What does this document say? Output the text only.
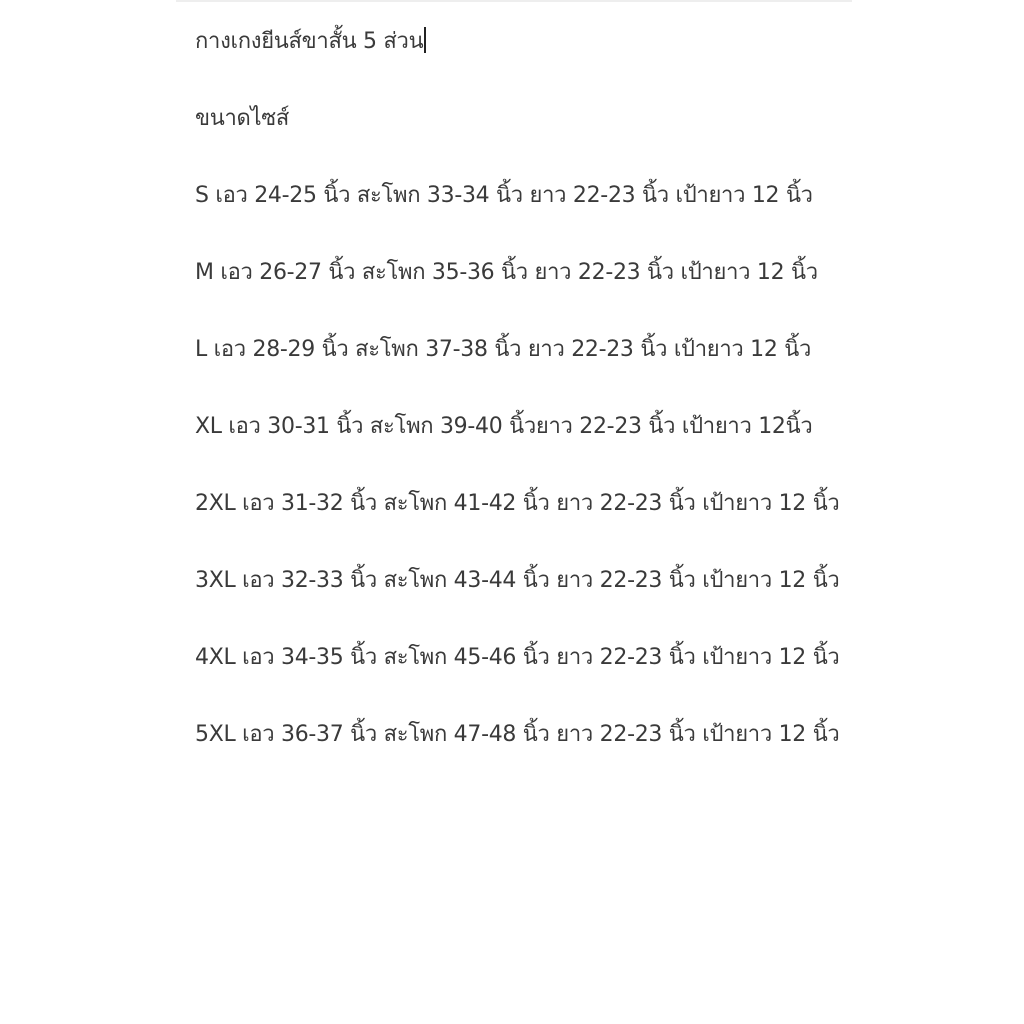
กางเกงยีนส์ขาสั้น 5 ส่วน

ขนาดไซส์

S เอว 24-25 นิ้ว สะโพก 33-34 นิ้ว ยาว 22-23 นิ้ว เป้ายาว 12 นิ้ว

M เอว 26-27 นิ้ว สะโพก 35-36 นิ้ว ยาว 22-23 นิ้ว เป้ายาว 12 นิ้ว

L เอว 28-29 นิ้ว สะโพก 37-38 นิ้ว ยาว 22-23 นิ้ว เป้ายาว 12 นิ้ว

XL เอว 30-31 นิ้ว สะโพก 39-40 นิ้วยาว 22-23 นิ้ว เป้ายาว 12นิ้ว

2XL เอว 31-32 นิ้ว สะโพก 41-42 นิ้ว ยาว 22-23 นิ้ว เป้ายาว 12 นิ้ว

3XL เอว 32-33 นิ้ว สะโพก 43-44 นิ้ว ยาว 22-23 นิ้ว เป้ายาว 12 นิ้ว

4XL เอว 34-35 นิ้ว สะโพก 45-46 นิ้ว ยาว 22-23 นิ้ว เป้ายาว 12 นิ้ว

5XL เอว 36-37 นิ้ว สะโพก 47-48 นิ้ว ยาว 22-23 นิ้ว เป้ายาว 12 นิ้ว
